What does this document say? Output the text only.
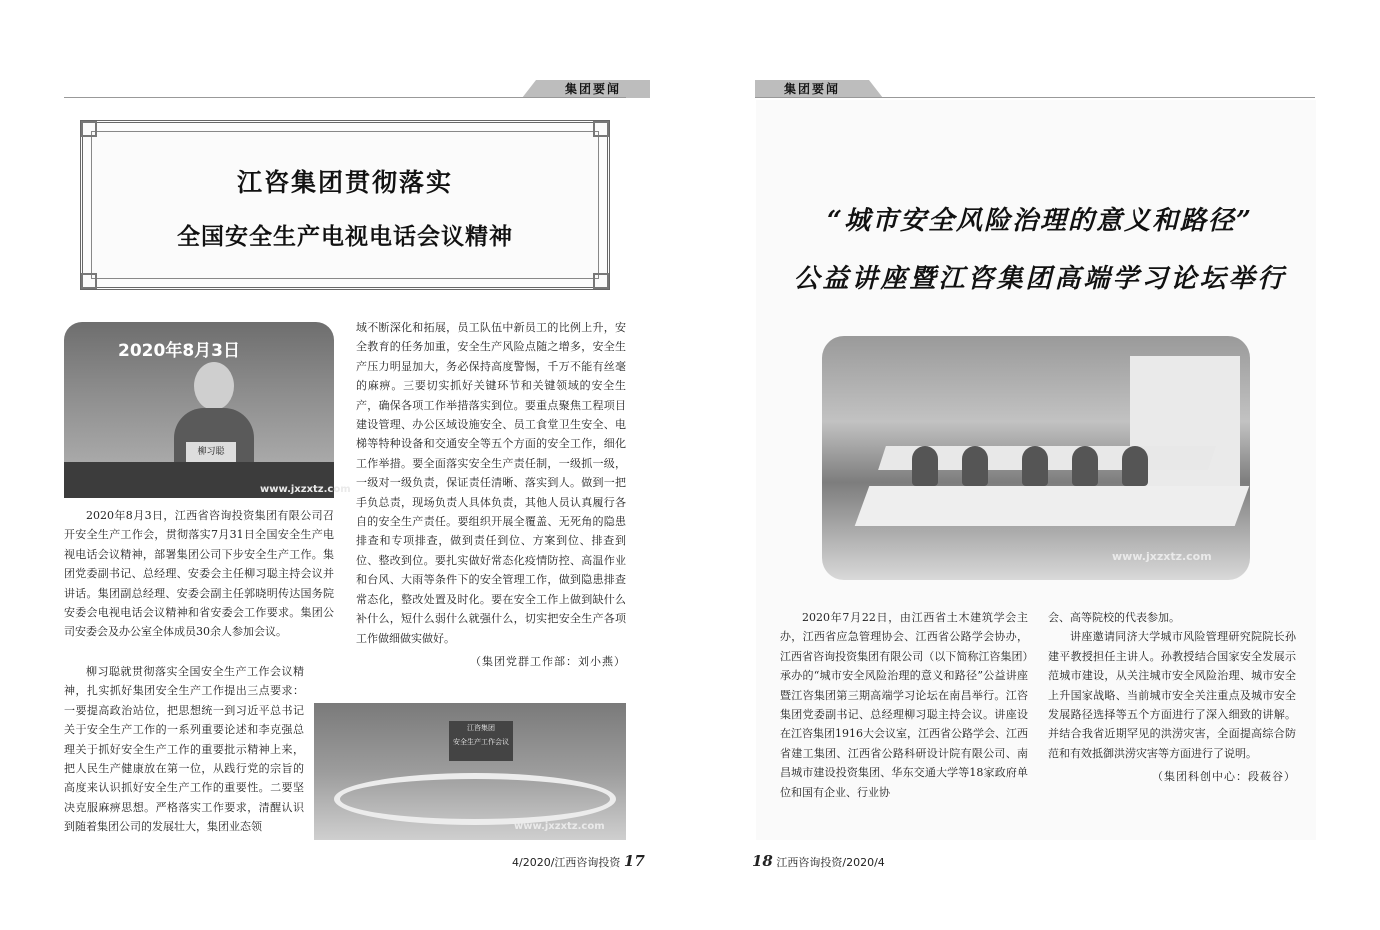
集团要闻
江咨集团贯彻落实
全国安全生产电视电话会议精神
2020年8月3日
柳习聪
www.jxzxtz.com

2020年8月3日，江西省咨询投资集团有限公司召开安全生产工作会，贯彻落实7月31日全国安全生产电视电话会议精神，部署集团公司下步安全生产工作。集团党委副书记、总经理、安委会主任柳习聪主持会议并讲话。集团副总经理、安委会副主任郭晓明传达国务院安委会电视电话会议精神和省安委会工作要求。集团公司安委会及办公室全体成员30余人参加会议。

柳习聪就贯彻落实全国安全生产工作会议精神，扎实抓好集团安全生产工作提出三点要求：一要提高政治站位，把思想统一到习近平总书记关于安全生产工作的一系列重要论述和李克强总理关于抓好安全生产工作的重要批示精神上来，把人民生产健康放在第一位，从践行党的宗旨的高度来认识抓好安全生产工作的重要性。二要坚决克服麻痹思想。严格落实工作要求，清醒认识到随着集团公司的发展壮大，集团业态领

域不断深化和拓展，员工队伍中新员工的比例上升，安全教育的任务加重，安全生产风险点随之增多，安全生产压力明显加大，务必保持高度警惕，千万不能有丝毫的麻痹。三要切实抓好关键环节和关键领域的安全生产，确保各项工作举措落实到位。要重点聚焦工程项目建设管理、办公区域设施安全、员工食堂卫生安全、电梯等特种设备和交通安全等五个方面的安全工作，细化工作举措。要全面落实安全生产责任制，一级抓一级，一级对一级负责，保证责任清晰、落实到人。做到一把手负总责，现场负责人具体负责，其他人员认真履行各自的安全生产责任。要组织开展全覆盖、无死角的隐患排查和专项排查，做到责任到位、方案到位、排查到位、整改到位。要扎实做好常态化疫情防控、高温作业和台风、大雨等条件下的安全管理工作，做到隐患排查常态化，整改处置及时化。要在安全工作上做到缺什么补什么，短什么弱什么就强什么，切实把安全生产各项工作做细做实做好。

（集团党群工作部：刘小燕）

江咨集团
安全生产工作会议
www.jxzxtz.com
4/2020/江西咨询投资 17
集团要闻
“城市安全风险治理的意义和路径”
公益讲座暨江咨集团高端学习论坛举行
www.jxzxtz.com

2020年7月22日，由江西省土木建筑学会主办，江西省应急管理协会、江西省公路学会协办，江西省咨询投资集团有限公司（以下简称江咨集团）承办的“城市安全风险治理的意义和路径”公益讲座暨江咨集团第三期高端学习论坛在南昌举行。江咨集团党委副书记、总经理柳习聪主持会议。讲座设在江咨集团1916大会议室，江西省公路学会、江西省建工集团、江西省公路科研设计院有限公司、南昌城市建设投资集团、华东交通大学等18家政府单位和国有企业、行业协

会、高等院校的代表参加。

讲座邀请同济大学城市风险管理研究院院长孙建平教授担任主讲人。孙教授结合国家安全发展示范城市建设，从关注城市安全风险治理、城市安全上升国家战略、当前城市安全关注重点及城市安全发展路径选择等五个方面进行了深入细致的讲解。并结合我省近期罕见的洪涝灾害，全面提高综合防范和有效抵御洪涝灾害等方面进行了说明。

（集团科创中心：段莜谷）

18 江西咨询投资/2020/4
